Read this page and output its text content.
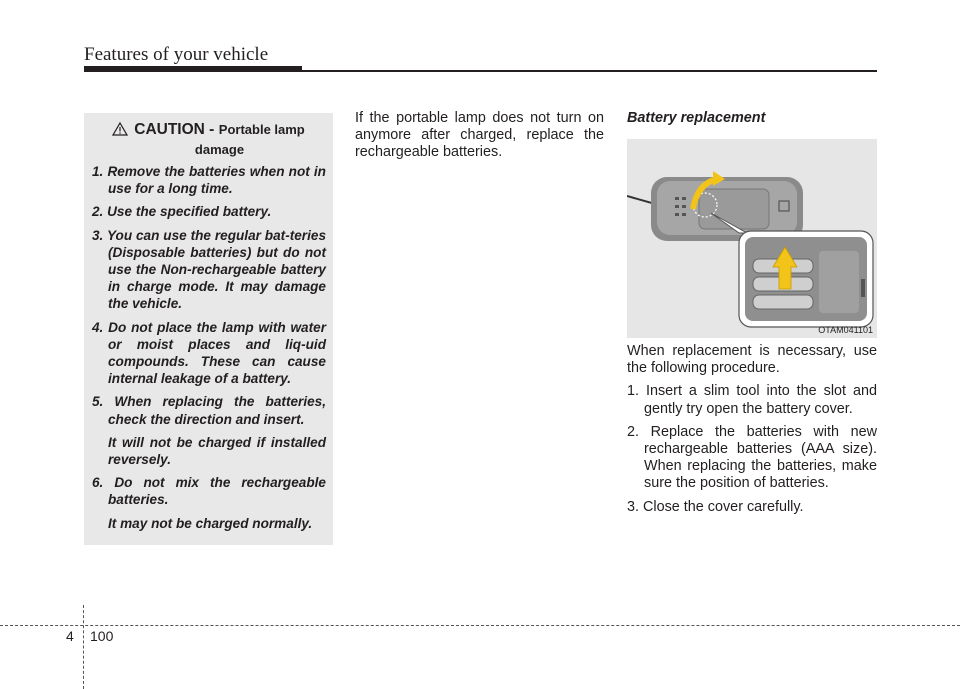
Features of your vehicle
CAUTION - Portable lamp
damage
1. Remove the batteries when not in use for a long time.
2. Use the specified battery.
3. You can use the regular bat-teries (Disposable batteries) but do not use the Non-rechargeable battery in charge mode. It may damage the vehicle.
4. Do not place the lamp with water or moist places and liq-uid compounds. These can cause internal leakage of a battery.
5. When replacing the batteries, check the direction and insert.
It will not be charged if installed reversely.
6. Do not mix the rechargeable batteries.
It may not be charged normally.
If the portable lamp does not turn on anymore after charged, replace the rechargeable batteries.
Battery replacement
OTAM041101
When replacement is necessary, use the following procedure.
1. Insert a slim tool into the slot and gently try open the battery cover.
2. Replace the batteries with new rechargeable batteries (AAA size). When replacing the batteries, make sure the position of batteries.
3. Close the cover carefully.
4 100
